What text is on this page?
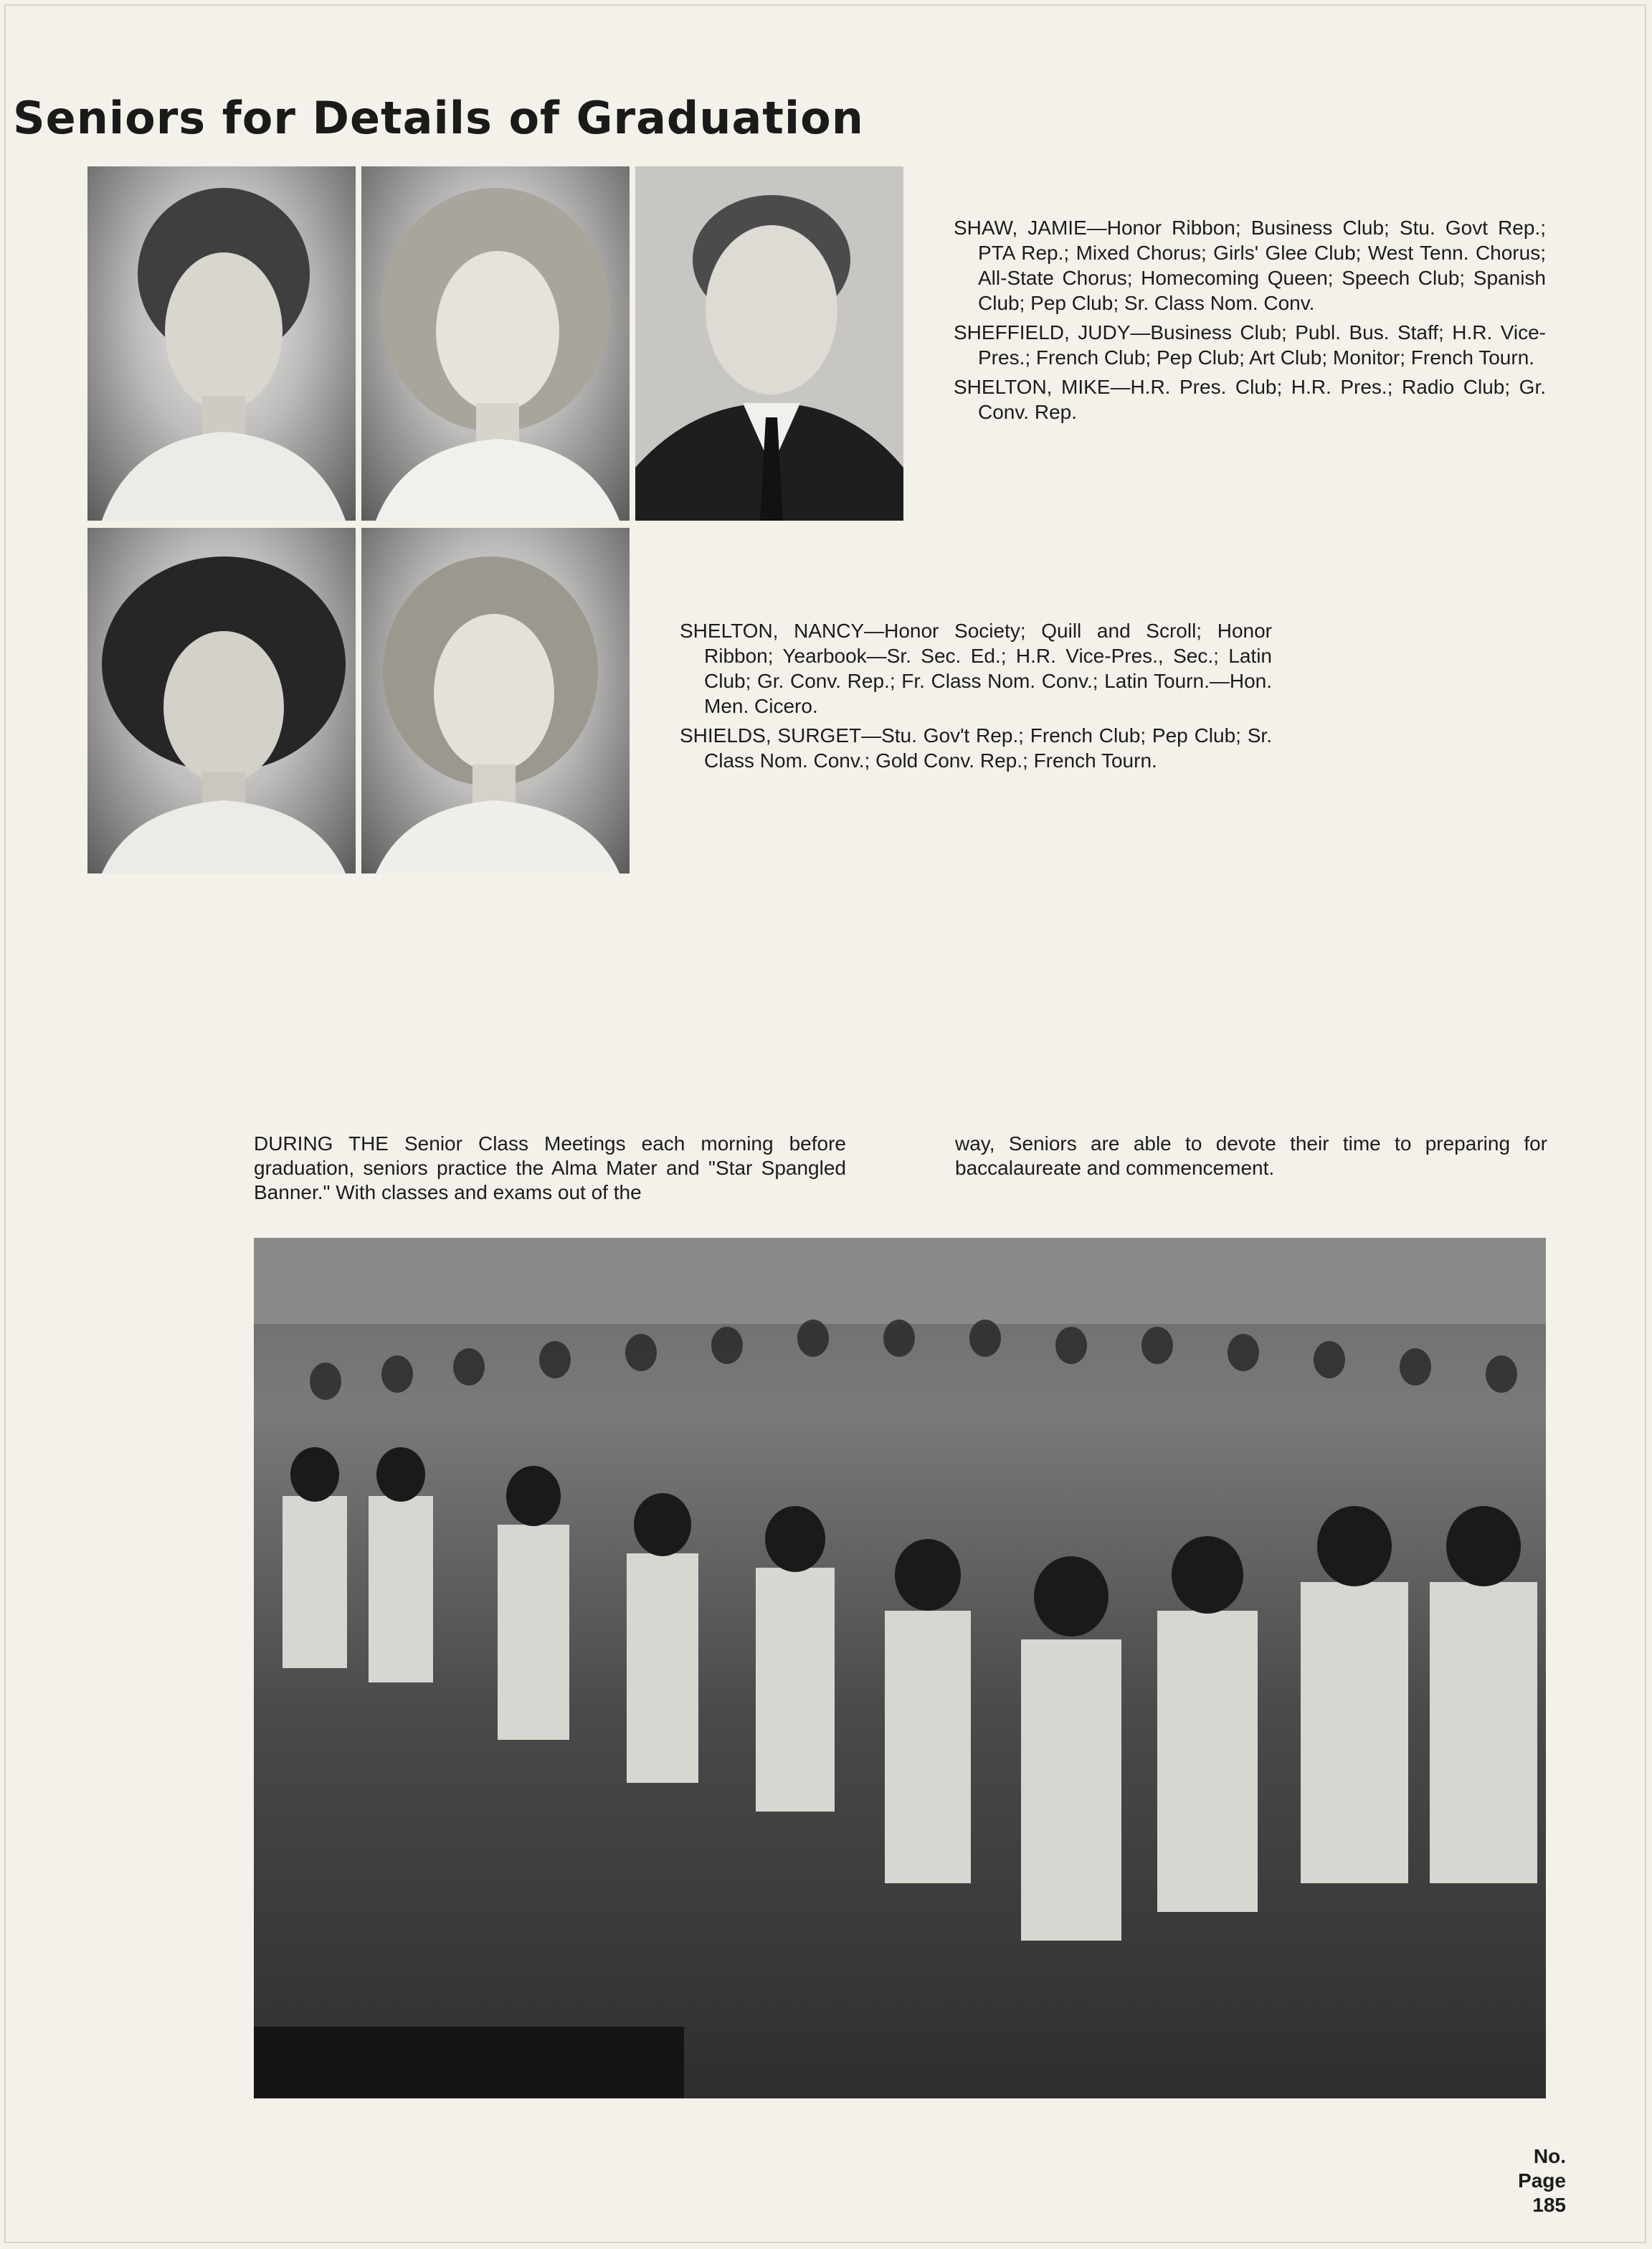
Seniors for Details of Graduation

SHAW, JAMIE—Honor Ribbon; Business Club; Stu. Govt Rep.; PTA Rep.; Mixed Chorus; Girls' Glee Club; West Tenn. Chorus; All-State Chorus; Homecoming Queen; Speech Club; Spanish Club; Pep Club; Sr. Class Nom. Conv.

SHEFFIELD, JUDY—Business Club; Publ. Bus. Staff; H.R. Vice-Pres.; French Club; Pep Club; Art Club; Monitor; French Tourn.

SHELTON, MIKE—H.R. Pres. Club; H.R. Pres.; Radio Club; Gr. Conv. Rep.

SHELTON, NANCY—Honor Society; Quill and Scroll; Honor Ribbon; Yearbook—Sr. Sec. Ed.; H.R. Vice-Pres., Sec.; Latin Club; Gr. Conv. Rep.; Fr. Class Nom. Conv.; Latin Tourn.—Hon. Men. Cicero.

SHIELDS, SURGET—Stu. Gov't Rep.; French Club; Pep Club; Sr. Class Nom. Conv.; Gold Conv. Rep.; French Tourn.

DURING THE Senior Class Meetings each morning before graduation, seniors practice the Alma Mater and "Star Spangled Banner." With classes and exams out of the

way, Seniors are able to devote their time to preparing for baccalaureate and commencement.

No.
Page
185
